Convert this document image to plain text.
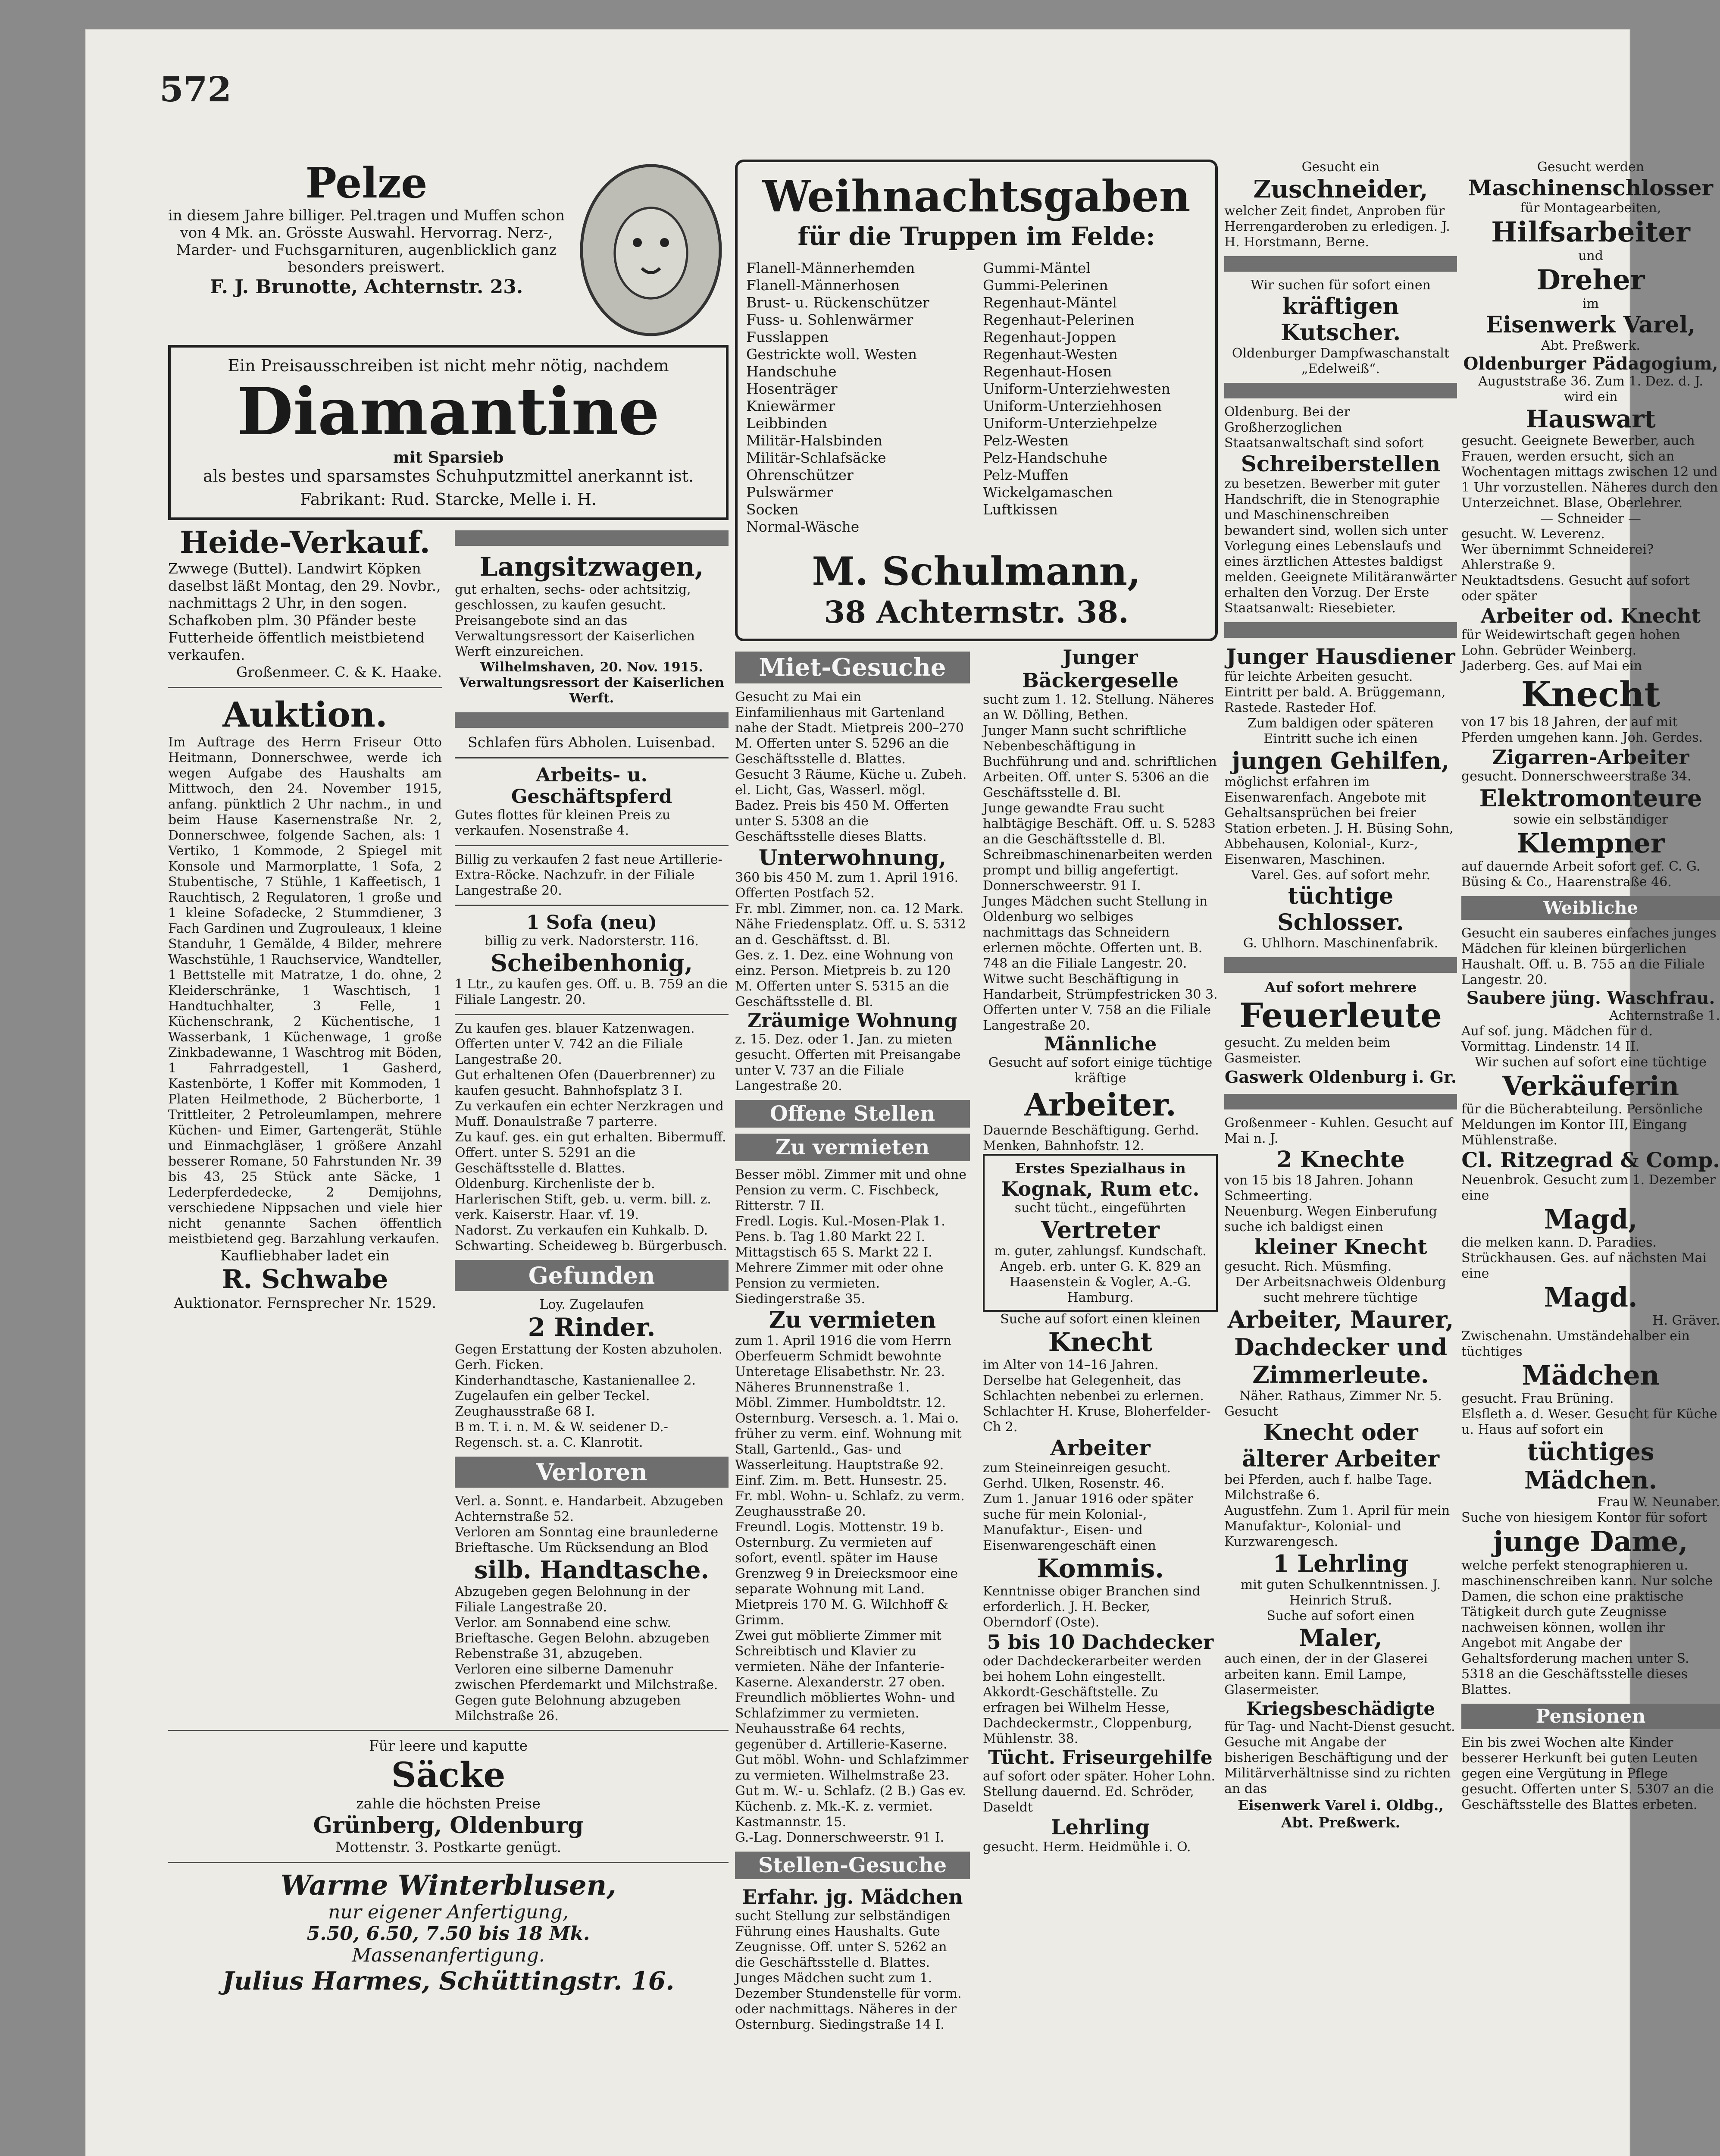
572
Pelze
in diesem Jahre billiger. Pel.tragen und Muffen schon von 4 Mk. an. Grösste Auswahl. Hervorrag. Nerz-, Marder- und Fuchsgarnituren, augenblicklich ganz besonders preiswert.
F. J. Brunotte, Achternstr. 23.
Ein Preisausschreiben ist nicht mehr nötig, nachdem
Diamantine
mit Sparsieb
als bestes und sparsamstes Schuhputzmittel anerkannt ist.
Fabrikant: Rud. Starcke, Melle i. H.
Heide-Verkauf.
Zwwege (Buttel). Landwirt Köpken daselbst läßt Montag, den 29. Novbr., nachmittags 2 Uhr, in den sogen. Schafkoben plm. 30 Pfänder beste Futterheide öffentlich meistbietend verkaufen.
Großenmeer. C. & K. Haake.
Auktion.
Im Auftrage des Herrn Friseur Otto Heitmann, Donnerschwee, werde ich wegen Aufgabe des Haushalts am Mittwoch, den 24. November 1915, anfang. pünktlich 2 Uhr nachm., in und beim Hause Kasernenstraße Nr. 2, Donnerschwee, folgende Sachen, als: 1 Vertiko, 1 Kommode, 2 Spiegel mit Konsole und Marmorplatte, 1 Sofa, 2 Stubentische, 7 Stühle, 1 Kaffeetisch, 1 Rauchtisch, 2 Regulatoren, 1 große und 1 kleine Sofadecke, 2 Stummdiener, 3 Fach Gardinen und Zugrouleaux, 1 kleine Standuhr, 1 Gemälde, 4 Bilder, mehrere Waschstühle, 1 Rauchservice, Wandteller, 1 Bettstelle mit Matratze, 1 do. ohne, 2 Kleiderschränke, 1 Waschtisch, 1 Handtuchhalter, 3 Felle, 1 Küchenschrank, 2 Küchentische, 1 Wasserbank, 1 Küchenwage, 1 große Zinkbadewanne, 1 Waschtrog mit Böden, 1 Fahrradgestell, 1 Gasherd, Kastenbörte, 1 Koffer mit Kommoden, 1 Platen Heilmethode, 2 Bücherborte, 1 Trittleiter, 2 Petroleumlampen, mehrere Küchen- und Eimer, Gartengerät, Stühle und Einmachgläser, 1 größere Anzahl besserer Romane, 50 Fahrstunden Nr. 39 bis 43, 25 Stück ante Säcke, 1 Lederpferdedecke, 2 Demijohns, verschiedene Nippsachen und viele hier nicht genannte Sachen öffentlich meistbietend geg. Barzahlung verkaufen.
Kaufliebhaber ladet ein
R. Schwabe
Auktionator. Fernsprecher Nr. 1529.
Langsitzwagen,
gut erhalten, sechs- oder achtsitzig, geschlossen, zu kaufen gesucht. Preisangebote sind an das Verwaltungsressort der Kaiserlichen Werft einzureichen.
Wilhelmshaven, 20. Nov. 1915. Verwaltungsressort der Kaiserlichen Werft.
Schlafen fürs Abholen. Luisenbad.
Arbeits- u. Geschäftspferd
Gutes flottes für kleinen Preis zu verkaufen. Nosenstraße 4.
Billig zu verkaufen 2 fast neue Artillerie-Extra-Röcke. Nachzufr. in der Filiale Langestraße 20.
1 Sofa (neu)
billig zu verk. Nadorsterstr. 116.
Scheibenhonig,
1 Ltr., zu kaufen ges. Off. u. B. 759 an die Filiale Langestr. 20.
Zu kaufen ges. blauer Katzenwagen. Offerten unter V. 742 an die Filiale Langestraße 20.
Gut erhaltenen Ofen (Dauerbrenner) zu kaufen gesucht. Bahnhofsplatz 3 I.
Zu verkaufen ein echter Nerzkragen und Muff. Donaulstraße 7 parterre.
Zu kauf. ges. ein gut erhalten. Bibermuff. Offert. unter S. 5291 an die Geschäftsstelle d. Blattes.
Oldenburg. Kirchenliste der b. Harlerischen Stift, geb. u. verm. bill. z. verk. Kaiserstr. Haar. vf. 19.
Nadorst. Zu verkaufen ein Kuhkalb. D. Schwarting. Scheideweg b. Bürgerbusch.
Gefunden
Loy. Zugelaufen
2 Rinder.
Gegen Erstattung der Kosten abzuholen. Gerh. Ficken.
Kinderhandtasche, Kastanienallee 2.
Zugelaufen ein gelber Teckel. Zeughausstraße 68 I.
B m. T. i. n. M. & W. seidener D.-Regensch. st. a. C. Klanrotit.
Verloren
Verl. a. Sonnt. e. Handarbeit. Abzugeben Achternstraße 52.
Verloren am Sonntag eine braunlederne Brieftasche. Um Rücksendung an Blod
silb. Handtasche.
Abzugeben gegen Belohnung in der Filiale Langestraße 20.
Verlor. am Sonnabend eine schw. Brieftasche. Gegen Belohn. abzugeben Rebenstraße 31, abzugeben.
Verloren eine silberne Damenuhr zwischen Pferdemarkt und Milchstraße. Gegen gute Belohnung abzugeben Milchstraße 26.
Für leere und kaputte
Säcke
zahle die höchsten Preise
Grünberg, Oldenburg
Mottenstr. 3. Postkarte genügt.
Warme Winterblusen,
nur eigener Anfertigung,
5.50, 6.50, 7.50 bis 18 Mk.
Massenanfertigung.
Julius Harmes, Schüttingstr. 16.
Weihnachtsgaben
für die Truppen im Felde:
Flanell-Männerhemden
Flanell-Männerhosen
Brust- u. Rückenschützer
Fuss- u. Sohlenwärmer
Fusslappen
Gestrickte woll. Westen
Handschuhe
Hosenträger
Kniewärmer
Leibbinden
Militär-Halsbinden
Militär-Schlafsäcke
Ohrenschützer
Pulswärmer
Socken
Normal-Wäsche
Gummi-Mäntel
Gummi-Pelerinen
Regenhaut-Mäntel
Regenhaut-Pelerinen
Regenhaut-Joppen
Regenhaut-Westen
Regenhaut-Hosen
Uniform-Unterziehwesten
Uniform-Unterziehhosen
Uniform-Unterziehpelze
Pelz-Westen
Pelz-Handschuhe
Pelz-Muffen
Wickelgamaschen
Luftkissen
M. Schulmann,
38 Achternstr. 38.
Miet-Gesuche
Gesucht zu Mai ein Einfamilienhaus mit Gartenland nahe der Stadt. Mietpreis 200–270 M. Offerten unter S. 5296 an die Geschäftsstelle d. Blattes.
Gesucht 3 Räume, Küche u. Zubeh. el. Licht, Gas, Wasserl. mögl. Badez. Preis bis 450 M. Offerten unter S. 5308 an die Geschäftsstelle dieses Blatts.
Unterwohnung,
360 bis 450 M. zum 1. April 1916. Offerten Postfach 52.
Fr. mbl. Zimmer, non. ca. 12 Mark. Nähe Friedensplatz. Off. u. S. 5312 an d. Geschäftsst. d. Bl.
Ges. z. 1. Dez. eine Wohnung von einz. Person. Mietpreis b. zu 120 M. Offerten unter S. 5315 an die Geschäftsstelle d. Bl.
Zräumige Wohnung
z. 15. Dez. oder 1. Jan. zu mieten gesucht. Offerten mit Preisangabe unter V. 737 an die Filiale Langestraße 20.
Offene Stellen
Zu vermieten
Besser möbl. Zimmer mit und ohne Pension zu verm. C. Fischbeck, Ritterstr. 7 II.
Fredl. Logis. Kul.-Mosen-Plak 1. Pens. b. Tag 1.80 Markt 22 I. Mittagstisch 65 S. Markt 22 I.
Mehrere Zimmer mit oder ohne Pension zu vermieten. Siedingerstraße 35.
Zu vermieten
zum 1. April 1916 die vom Herrn Oberfeuerm Schmidt bewohnte Unteretage Elisabethstr. Nr. 23. Näheres Brunnenstraße 1.
Möbl. Zimmer. Humboldtstr. 12.
Osternburg. Versesch. a. 1. Mai o. früher zu verm. einf. Wohnung mit Stall, Gartenld., Gas- und Wasserleitung. Hauptstraße 92.
Einf. Zim. m. Bett. Hunsestr. 25.
Fr. mbl. Wohn- u. Schlafz. zu verm. Zeughausstraße 20.
Freundl. Logis. Mottenstr. 19 b.
Osternburg. Zu vermieten auf sofort, eventl. später im Hause Grenzweg 9 in Dreiecksmoor eine separate Wohnung mit Land. Mietpreis 170 M. G. Wilchhoff & Grimm.
Zwei gut möblierte Zimmer mit Schreibtisch und Klavier zu vermieten. Nähe der Infanterie-Kaserne. Alexanderstr. 27 oben.
Freundlich möbliertes Wohn- und Schlafzimmer zu vermieten. Neuhausstraße 64 rechts, gegenüber d. Artillerie-Kaserne.
Gut möbl. Wohn- und Schlafzimmer zu vermieten. Wilhelmstraße 23.
Gut m. W.- u. Schlafz. (2 B.) Gas ev. Küchenb. z. Mk.-K. z. vermiet. Kastmannstr. 15.
G.-Lag. Donnerschweerstr. 91 I.
Stellen-Gesuche
Erfahr. jg. Mädchen
sucht Stellung zur selbständigen Führung eines Haushalts. Gute Zeugnisse. Off. unter S. 5262 an die Geschäftsstelle d. Blattes.
Junges Mädchen sucht zum 1. Dezember Stundenstelle für vorm. oder nachmittags. Näheres in der Osternburg. Siedingstraße 14 I.
Junger Bäckergeselle
sucht zum 1. 12. Stellung. Näheres an W. Dölling, Bethen.
Junger Mann sucht schriftliche Nebenbeschäftigung in Buchführung und and. schriftlichen Arbeiten. Off. unter S. 5306 an die Geschäftsstelle d. Bl.
Junge gewandte Frau sucht halbtägige Beschäft. Off. u. S. 5283 an die Geschäftsstelle d. Bl.
Schreibmaschinenarbeiten werden prompt und billig angefertigt. Donnerschweerstr. 91 I.
Junges Mädchen sucht Stellung in Oldenburg wo selbiges nachmittags das Schneidern erlernen möchte. Offerten unt. B. 748 an die Filiale Langestr. 20.
Witwe sucht Beschäftigung in Handarbeit, Strümpfestricken 30 3. Offerten unter V. 758 an die Filiale Langestraße 20.
Männliche
Gesucht auf sofort einige tüchtige kräftige
Arbeiter.
Dauernde Beschäftigung. Gerhd. Menken, Bahnhofstr. 12.
Erstes Spezialhaus in
Kognak, Rum etc.
sucht tücht., eingeführten
Vertreter
m. guter, zahlungsf. Kundschaft. Angeb. erb. unter G. K. 829 an Haasenstein & Vogler, A.-G. Hamburg.
Suche auf sofort einen kleinen
Knecht
im Alter von 14–16 Jahren. Derselbe hat Gelegenheit, das Schlachten nebenbei zu erlernen. Schlachter H. Kruse, Bloherfelder-Ch 2.
Arbeiter
zum Steineinreigen gesucht. Gerhd. Ulken, Rosenstr. 46.
Zum 1. Januar 1916 oder später suche für mein Kolonial-, Manufaktur-, Eisen- und Eisenwarengeschäft einen
Kommis.
Kenntnisse obiger Branchen sind erforderlich. J. H. Becker, Oberndorf (Oste).
5 bis 10 Dachdecker
oder Dachdeckerarbeiter werden bei hohem Lohn eingestellt. Akkordt-Geschäftstelle. Zu erfragen bei Wilhelm Hesse, Dachdeckermstr., Cloppenburg, Mühlenstr. 38.
Tücht. Friseurgehilfe
auf sofort oder später. Hoher Lohn. Stellung dauernd. Ed. Schröder, Daseldt
Lehrling
gesucht. Herm. Heidmühle i. O.
Gesucht ein
Zuschneider,
welcher Zeit findet, Anproben für Herrengarderoben zu erledigen. J. H. Horstmann, Berne.
Wir suchen für sofort einen
kräftigen Kutscher.
Oldenburger Dampfwaschanstalt „Edelweiß“.
Oldenburg. Bei der Großherzoglichen Staatsanwaltschaft sind sofort
Schreiberstellen
zu besetzen. Bewerber mit guter Handschrift, die in Stenographie und Maschinenschreiben bewandert sind, wollen sich unter Vorlegung eines Lebenslaufs und eines ärztlichen Attestes baldigst melden. Geeignete Militäranwärter erhalten den Vorzug. Der Erste Staatsanwalt: Riesebieter.
Junger Hausdiener
für leichte Arbeiten gesucht. Eintritt per bald. A. Brüggemann, Rastede. Rasteder Hof.
Zum baldigen oder späteren Eintritt suche ich einen
jungen Gehilfen,
möglichst erfahren im Eisenwarenfach. Angebote mit Gehaltsansprüchen bei freier Station erbeten. J. H. Büsing Sohn, Abbehausen, Kolonial-, Kurz-, Eisenwaren, Maschinen.
Varel. Ges. auf sofort mehr.
tüchtige Schlosser.
G. Uhlhorn. Maschinenfabrik.
Auf sofort mehrere
Feuerleute
gesucht. Zu melden beim Gasmeister.
Gaswerk Oldenburg i. Gr.
Großenmeer - Kuhlen. Gesucht auf Mai n. J.
2 Knechte
von 15 bis 18 Jahren. Johann Schmeerting.
Neuenburg. Wegen Einberufung suche ich baldigst einen
kleiner Knecht
gesucht. Rich. Müsmfing.
Der Arbeitsnachweis Oldenburg sucht mehrere tüchtige
Arbeiter, Maurer, Dachdecker und Zimmerleute.
Näher. Rathaus, Zimmer Nr. 5.
Gesucht
Knecht oder älterer Arbeiter
bei Pferden, auch f. halbe Tage. Milchstraße 6.
Augustfehn. Zum 1. April für mein Manufaktur-, Kolonial- und Kurzwarengesch.
1 Lehrling
mit guten Schulkenntnissen. J. Heinrich Struß.
Suche auf sofort einen
Maler,
auch einen, der in der Glaserei arbeiten kann. Emil Lampe, Glasermeister.
Kriegsbeschädigte
für Tag- und Nacht-Dienst gesucht. Gesuche mit Angabe der bisherigen Beschäftigung und der Militärverhältnisse sind zu richten an das
Eisenwerk Varel i. Oldbg., Abt. Preßwerk.
Gesucht werden
Maschinenschlosser
für Montagearbeiten,
Hilfsarbeiter
und
Dreher
im
Eisenwerk Varel,
Abt. Preßwerk.
Oldenburger Pädagogium,
Auguststraße 36. Zum 1. Dez. d. J. wird ein
Hauswart
gesucht. Geeignete Bewerber, auch Frauen, werden ersucht, sich an Wochentagen mittags zwischen 12 und 1 Uhr vorzustellen. Näheres durch den Unterzeichnet. Blase, Oberlehrer.
— Schneider —
gesucht. W. Leverenz.
Wer übernimmt Schneiderei? Ahlerstraße 9.
Neuktadtsdens. Gesucht auf sofort oder später
Arbeiter od. Knecht
für Weidewirtschaft gegen hohen Lohn. Gebrüder Weinberg.
Jaderberg. Ges. auf Mai ein
Knecht
von 17 bis 18 Jahren, der auf mit Pferden umgehen kann. Joh. Gerdes.
Zigarren-Arbeiter
gesucht. Donnerschweerstraße 34.
Elektromonteure
sowie ein selbständiger
Klempner
auf dauernde Arbeit sofort gef. C. G. Büsing & Co., Haarenstraße 46.
Weibliche
Gesucht ein sauberes einfaches junges Mädchen für kleinen bürgerlichen Haushalt. Off. u. B. 755 an die Filiale Langestr. 20.
Saubere jüng. Waschfrau.
Achternstraße 1.
Auf sof. jung. Mädchen für d. Vormittag. Lindenstr. 14 II.
Wir suchen auf sofort eine tüchtige
Verkäuferin
für die Bücherabteilung. Persönliche Meldungen im Kontor III, Eingang Mühlenstraße.
Cl. Ritzegrad & Comp.
Neuenbrok. Gesucht zum 1. Dezember eine
Magd,
die melken kann. D. Paradies.
Strückhausen. Ges. auf nächsten Mai eine
Magd.
H. Gräver.
Zwischenahn. Umständehalber ein tüchtiges
Mädchen
gesucht. Frau Brüning.
Elsfleth a. d. Weser. Gesucht für Küche u. Haus auf sofort ein
tüchtiges Mädchen.
Frau W. Neunaber.
Suche von hiesigem Kontor für sofort
junge Dame,
welche perfekt stenographieren u. maschinenschreiben kann. Nur solche Damen, die schon eine praktische Tätigkeit durch gute Zeugnisse nachweisen können, wollen ihr Angebot mit Angabe der Gehaltsforderung machen unter S. 5318 an die Geschäftsstelle dieses Blattes.
Pensionen
Ein bis zwei Wochen alte Kinder besserer Herkunft bei guten Leuten gegen eine Vergütung in Pflege gesucht. Offerten unter S. 5307 an die Geschäftsstelle des Blattes erbeten.
